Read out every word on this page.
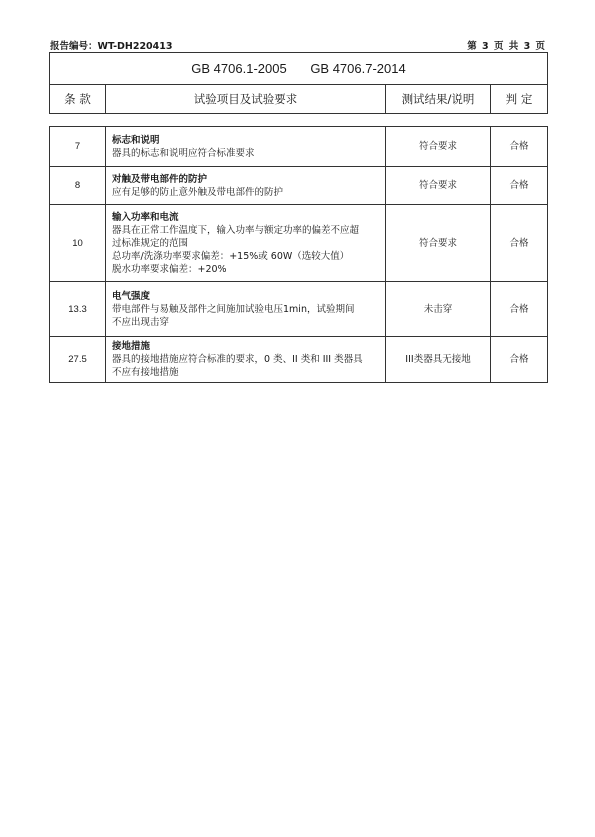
报告编号：WT-DH220413	第 3 页 共 3 页
GB 4706.1-2005 GB 4706.7-2014
条 款	试验项目及试验要求	测试结果/说明	判 定
7	标志和说明
器具的标志和说明应符合标准要求	符合要求	合格
8	对触及带电部件的防护
应有足够的防止意外触及带电部件的防护	符合要求	合格
10	输入功率和电流
器具在正常工作温度下，输入功率与额定功率的偏差不应超
过标准规定的范围
总功率/洗涤功率要求偏差：+15%或 60W（选较大值）
脱水功率要求偏差：+20%	符合要求	合格
13.3	电气强度
带电部件与易触及部件之间施加试验电压1min，试验期间
不应出现击穿	未击穿	合格
27.5	接地措施
器具的接地措施应符合标准的要求，0 类、II 类和 III 类器具
不应有接地措施	III类器具无接地	合格
